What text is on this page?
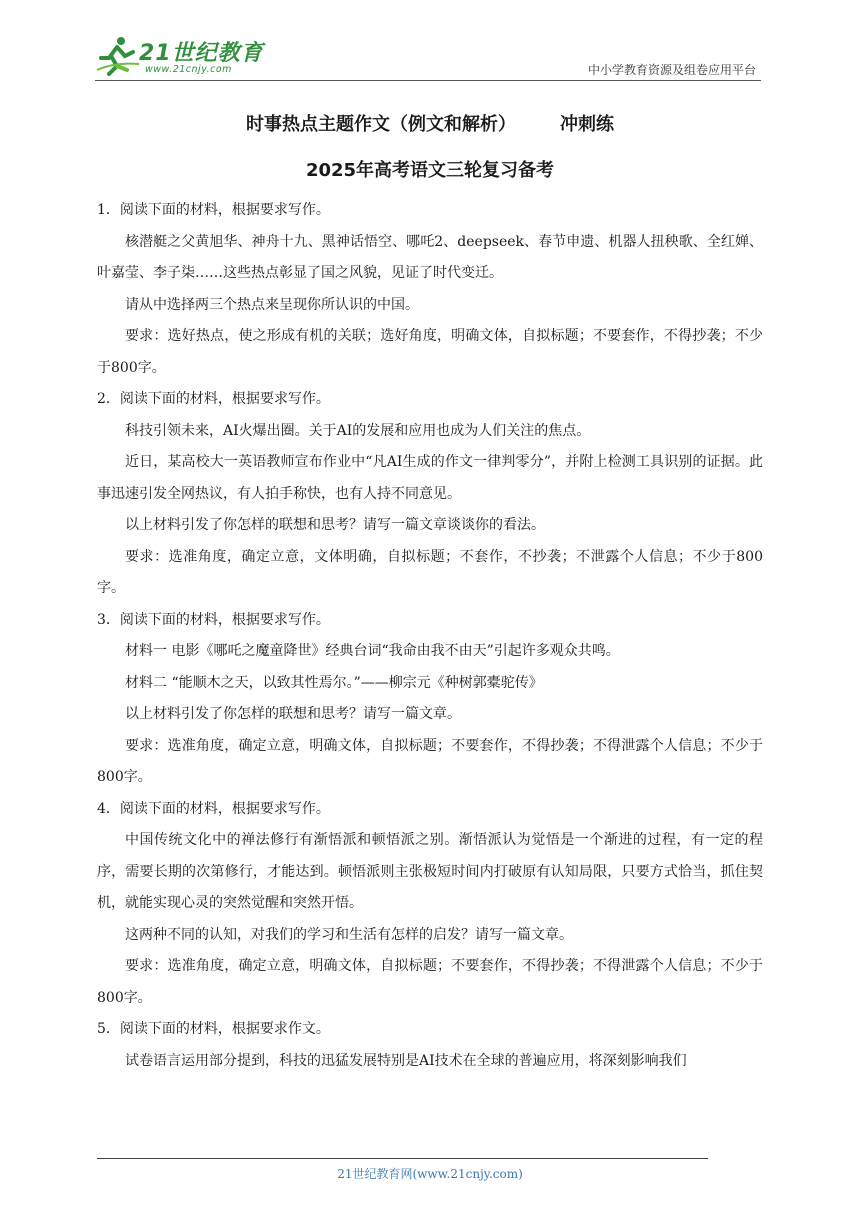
21世纪教育
www.21cnjy.com	中小学教育资源及组卷应用平台
时事热点主题作文（例文和解析） 冲刺练
2025年高考语文三轮复习备考

1．阅读下面的材料，根据要求写作。

核潜艇之父黄旭华、神舟十九、黑神话悟空、哪吒2、deepseek、春节申遗、机器人扭秧歌、全红婵、叶嘉莹、李子柒……这些热点彰显了国之风貌，见证了时代变迁。

请从中选择两三个热点来呈现你所认识的中国。

要求：选好热点，使之形成有机的关联；选好角度，明确文体，自拟标题；不要套作，不得抄袭；不少于800字。

2．阅读下面的材料，根据要求写作。

科技引领未来，AI火爆出圈。关于AI的发展和应用也成为人们关注的焦点。

近日，某高校大一英语教师宣布作业中“凡AI生成的作文一律判零分”，并附上检测工具识别的证据。此事迅速引发全网热议，有人拍手称快，也有人持不同意见。

以上材料引发了你怎样的联想和思考？请写一篇文章谈谈你的看法。

要求：选准角度，确定立意，文体明确，自拟标题；不套作，不抄袭；不泄露个人信息；不少于800字。

3．阅读下面的材料，根据要求写作。

材料一 电影《哪吒之魔童降世》经典台词“我命由我不由天”引起许多观众共鸣。

材料二 “能顺木之天，以致其性焉尔。”——柳宗元《种树郭橐驼传》

以上材料引发了你怎样的联想和思考？请写一篇文章。

要求：选准角度，确定立意，明确文体，自拟标题；不要套作，不得抄袭；不得泄露个人信息；不少于800字。

4．阅读下面的材料，根据要求写作。

中国传统文化中的禅法修行有渐悟派和顿悟派之别。渐悟派认为觉悟是一个渐进的过程，有一定的程序，需要长期的次第修行，才能达到。顿悟派则主张极短时间内打破原有认知局限，只要方式恰当，抓住契机，就能实现心灵的突然觉醒和突然开悟。

这两种不同的认知，对我们的学习和生活有怎样的启发？请写一篇文章。

要求：选准角度，确定立意，明确文体，自拟标题；不要套作，不得抄袭；不得泄露个人信息；不少于800字。

5．阅读下面的材料，根据要求作文。

试卷语言运用部分提到，科技的迅猛发展特别是AI技术在全球的普遍应用，将深刻影响我们

21世纪教育网(www.21cnjy.com)
